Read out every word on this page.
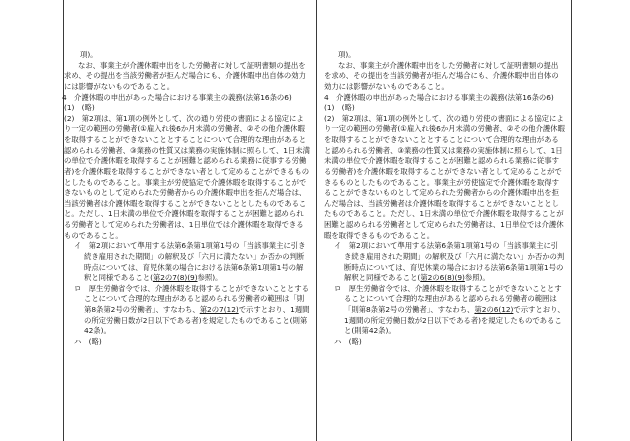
項)。

なお、事業主が介護休暇申出をした労働者に対して証明書類の提出を求め、その提出を当該労働者が拒んだ場合にも、介護休暇申出自体の効力には影響がないものであること。

4　介護休暇の申出があった場合における事業主の義務(法第16条の6)

(1)　(略)

(2)　第2項は、第1項の例外として、次の通り労使の書面による協定により一定の範囲の労働者(①雇入れ後6か月未満の労働者、②その他介護休暇を取得することができないこととすることについて合理的な理由があると認められる労働者、③業務の性質又は業務の実施体制に照らして、1日未満の単位で介護休暇を取得することが困難と認められる業務に従事する労働者)を介護休暇を取得することができない者として定めることができるものとしたものであること。事業主が労使協定で介護休暇を取得することができないものとして定められた労働者からの介護休暇申出を拒んだ場合は、当該労働者は介護休暇を取得することができないこととしたものであること。ただし、1日未満の単位で介護休暇を取得することが困難と認められる労働者として定められた労働者は、1日単位では介護休暇を取得できるものであること。

イ　第2項において準用する法第6条第1項第1号の「当該事業主に引き続き雇用された期間」の解釈及び「六月に満たない」か否かの判断時点については、育児休業の場合における法第6条第1項第1号の解釈と同様であること(第2の7(8)(9)参照)。

ロ　厚生労働省令では、介護休暇を取得することができないこととすることについて合理的な理由があると認められる労働者の範囲は「則第8条第2号の労働者」、すなわち、第2の7(12)で示すとおり、1週間の所定労働日数が2日以下である者)を規定したものであること(則第42条)。

ハ　(略)

項)。

なお、事業主が介護休暇申出をした労働者に対して証明書類の提出を求め、その提出を当該労働者が拒んだ場合にも、介護休暇申出自体の効力には影響がないものであること。

4　介護休暇の申出があった場合における事業主の義務(法第16条の6)

(1)　(略)

(2)　第2項は、第1項の例外として、次の通り労使の書面による協定により一定の範囲の労働者(①雇入れ後6か月未満の労働者、②その他介護休暇を取得することができないこととすることについて合理的な理由があると認められる労働者、③業務の性質又は業務の実施体制に照らして、1日未満の単位で介護休暇を取得することが困難と認められる業務に従事する労働者)を介護休暇を取得することができない者として定めることができるものとしたものであること。事業主が労使協定で介護休暇を取得することができないものとして定められた労働者からの介護休暇申出を拒んだ場合は、当該労働者は介護休暇を取得することができないこととしたものであること。ただし、1日未満の単位で介護休暇を取得することが困難と認められる労働者として定められた労働者は、1日単位では介護休暇を取得できるものであること。

イ　第2項において準用する法第6条第1項第1号の「当該事業主に引き続き雇用された期間」の解釈及び「六月に満たない」か否かの判断時点については、育児休業の場合における法第6条第1項第1号の解釈と同様であること(第2の6(8)(9)参照)。

ロ　厚生労働省令では、介護休暇を取得することができないこととすることについて合理的な理由があると認められる労働者の範囲は「則第8条第2号の労働者」、すなわち、第2の6(12)で示すとおり、1週間の所定労働日数が2日以下である者)を規定したものであること(則第42条)。

ハ　(略)
